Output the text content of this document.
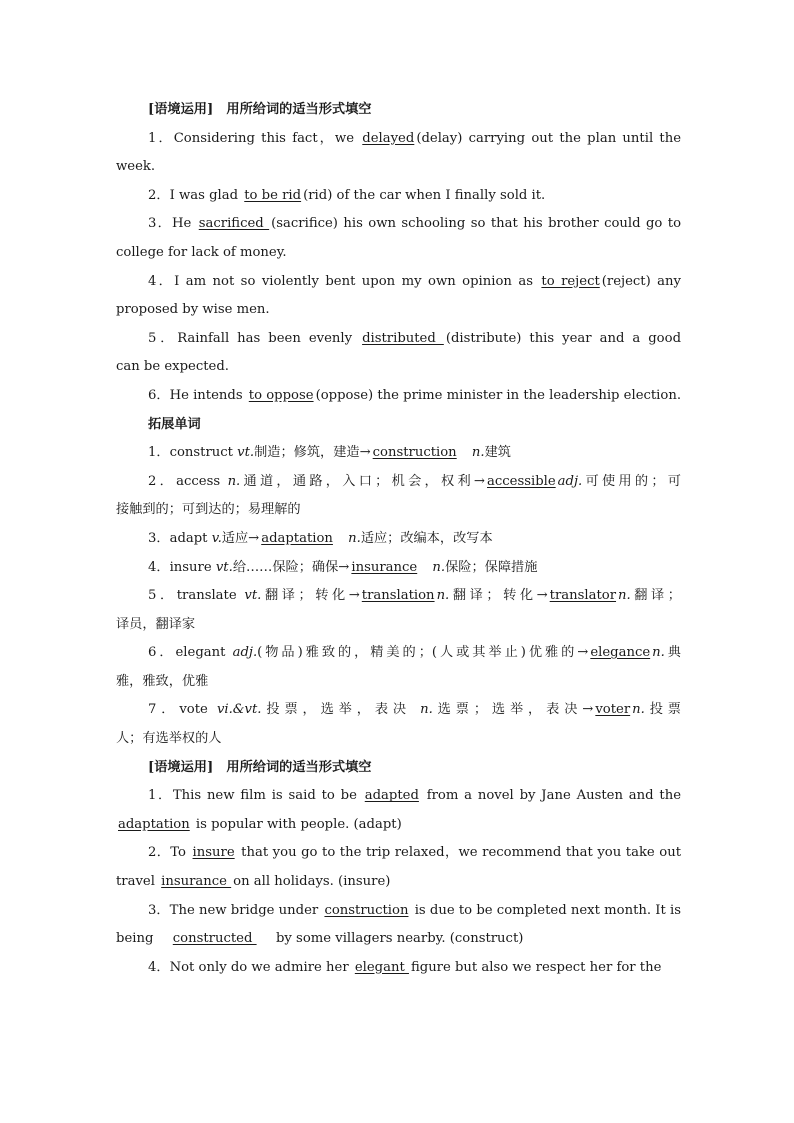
[语境运用]　用所给词的适当形式填空
1．Considering this fact，we delayed (delay) carrying out the plan until the
week.
2．I was glad to be rid (rid) of the car when I finally sold it.
3．He sacrificed (sacrifice) his own schooling so that his brother could go to
college for lack of money.
4．I am not so violently bent upon my own opinion as to reject (reject) any
proposed by wise men.
5．Rainfall has been evenly distributed (distribute) this year and a good
can be expected.
6．He intends to oppose (oppose) the prime minister in the leadership election.
拓展单词
1．construct vt.制造；修筑，建造→ construction　 n.建筑
2．access n.通道，通路，入口；机会，权利→ accessible adj.可使用的；可
接触到的；可到达的；易理解的
3．adapt v.适应→ adaptation　 n.适应；改编本，改写本
4．insure vt.给……保险；确保→ insurance　 n.保险；保障措施
5．translate vt.翻译；转化→ translation n.翻译；转化→ translator n.翻译；
译员，翻译家
6．elegant adj.(物品)雅致的，精美的；(人或其举止)优雅的→ elegance n.典
雅，雅致，优雅
7．vote vi.&vt.投票，选举，表决 n.选票；选举，表决→ voter n.投票
人；有选举权的人
[语境运用]　用所给词的适当形式填空
1．This new film is said to be adapted from a novel by Jane Austen and the
adaptation is popular with people. (adapt)
2．To insure that you go to the trip relaxed，we recommend that you take out
travel insurance on all holidays. (insure)
3．The new bridge under construction is due to be completed next month. It is
being 　constructed 　 by some villagers nearby. (construct)
4．Not only do we admire her elegant figure but also we respect her for the
